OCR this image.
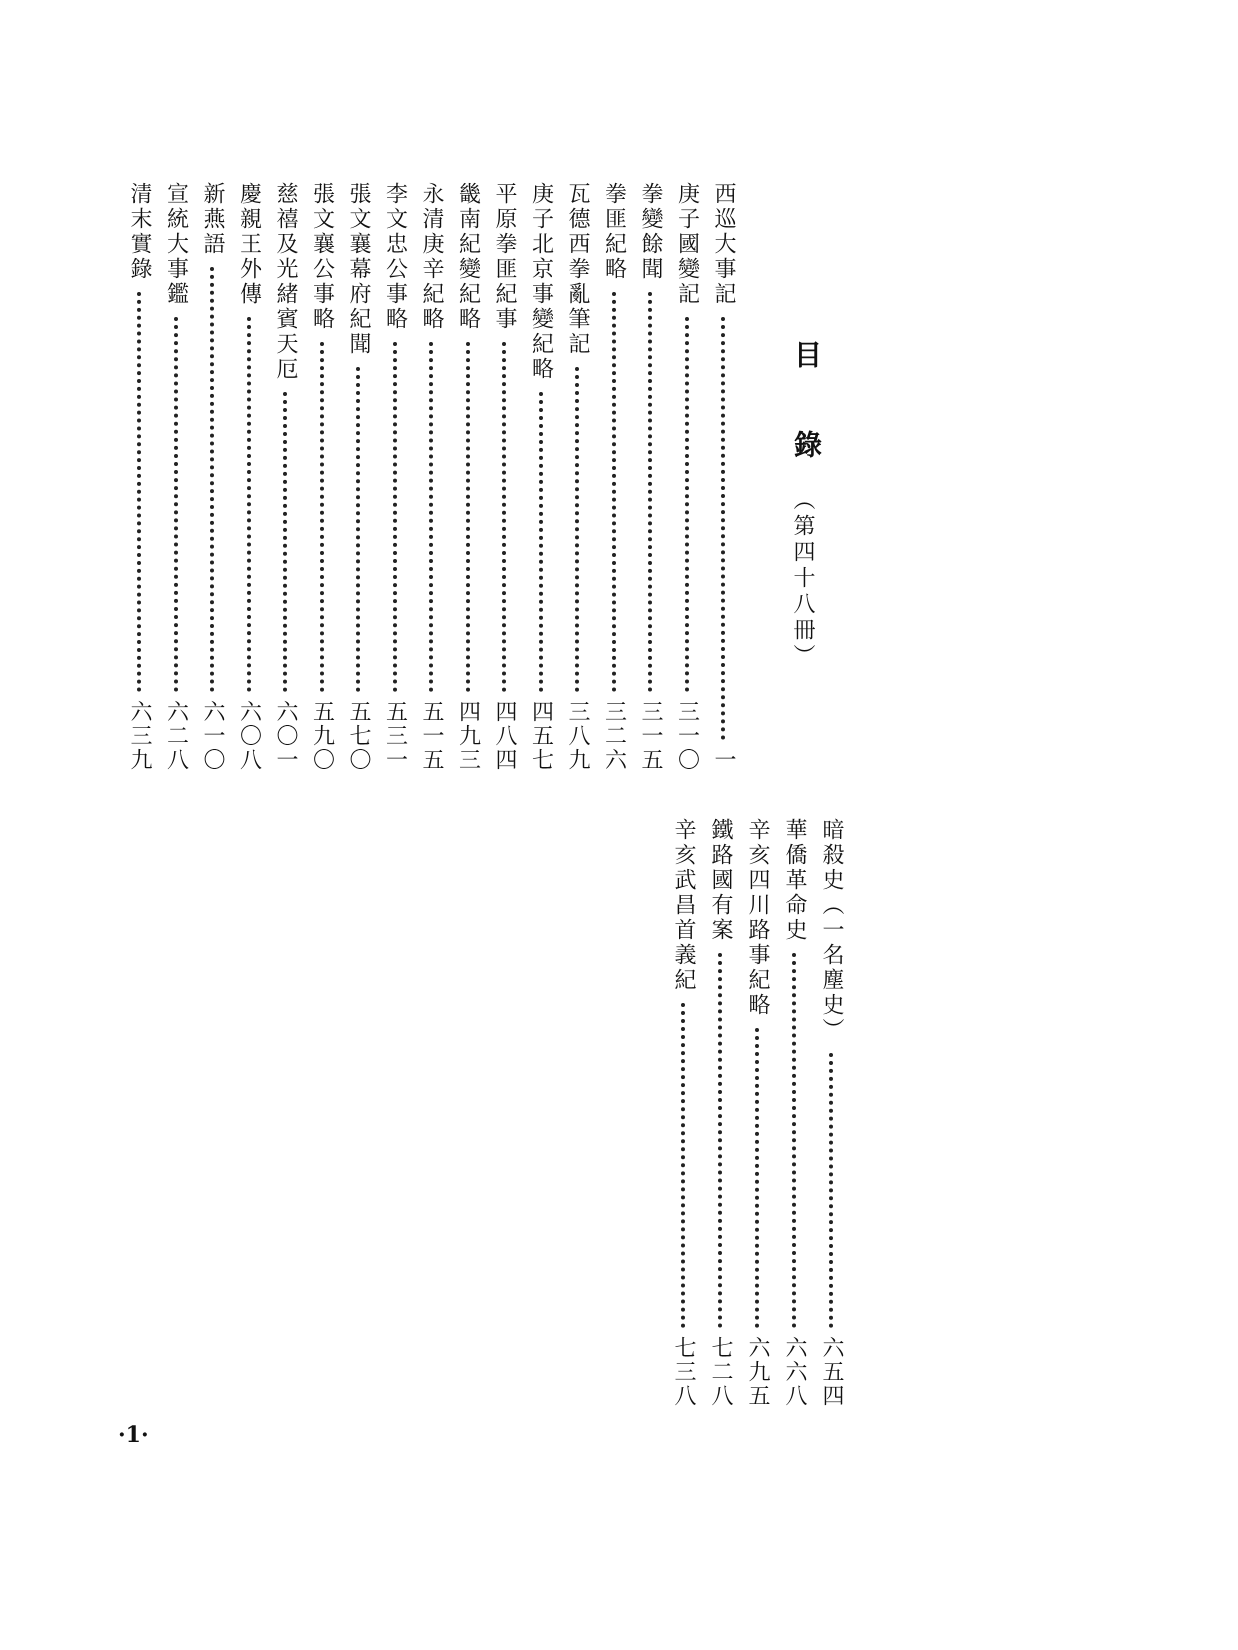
目
錄
（第四十八冊）
西巡大事記
一
庚子國變記
三一〇
拳變餘聞
三一五
拳匪紀略
三二六
瓦德西拳亂筆記
三八九
庚子北京事變紀略
四五七
平原拳匪紀事
四八四
畿南紀變紀略
四九三
永清庚辛紀略
五一五
李文忠公事略
五三一
張文襄幕府紀聞
五七〇
張文襄公事略
五九〇
慈禧及光緒賓天厄
六〇一
慶親王外傳
六〇八
新燕語
六一〇
宣統大事鑑
六二八
清末實錄
六三九
暗殺史（一名塵史）
六五四
華僑革命史
六六八
辛亥四川路事紀略
六九五
鐵路國有案
七二八
辛亥武昌首義紀
七三八
·1·
